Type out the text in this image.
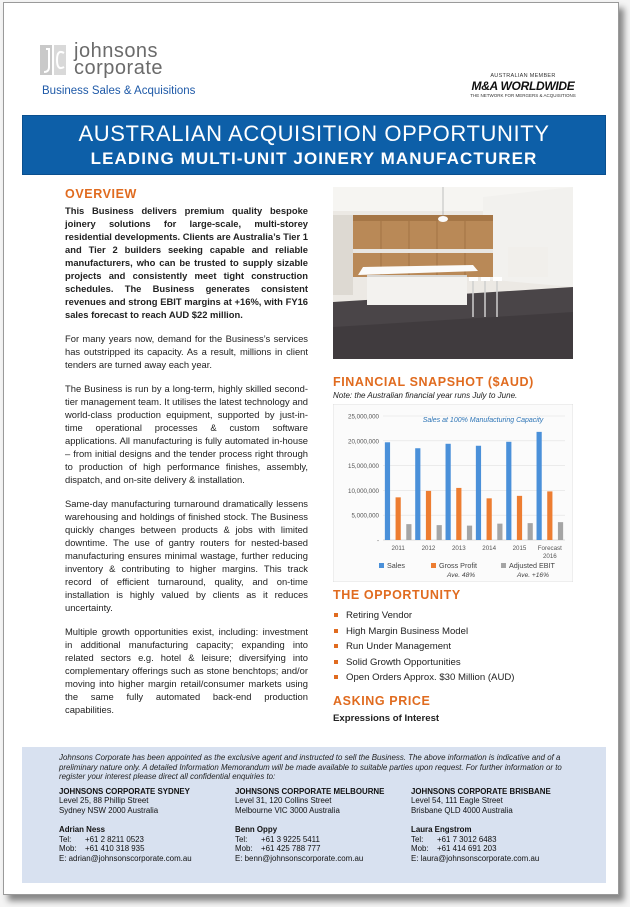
johnsons
corporate
Business Sales & Acquisitions
AUSTRALIAN MEMBER
M&A WORLDWIDE
THE NETWORK FOR MERGERS & ACQUISITIONS
AUSTRALIAN ACQUISITION OPPORTUNITY
LEADING MULTI-UNIT JOINERY MANUFACTURER
OVERVIEW
This Business delivers premium quality bespoke joinery solutions for large-scale, multi-storey residential developments. Clients are Australia’s Tier 1 and Tier 2 builders seeking capable and reliable manufacturers, who can be trusted to supply sizable projects and consistently meet tight construction schedules. The Business generates consistent revenues and strong EBIT margins at +16%, with FY16 sales forecast to reach AUD $22 million.
For many years now, demand for the Business’s services has outstripped its capacity. As a result, millions in client tenders are turned away each year.
The Business is run by a long-term, highly skilled second-tier management team. It utilises the latest technology and world-class production equipment, supported by just-in-time operational processes & custom software applications. All manufacturing is fully automated in-house – from initial designs and the tender process right through to production of high performance finishes, assembly, dispatch, and on-site delivery & installation.
Same-day manufacturing turnaround dramatically lessens warehousing and holdings of finished stock. The Business quickly changes between products & jobs with limited downtime. The use of gantry routers for nested-based manufacturing ensures minimal wastage, further reducing inventory & contributing to higher margins. This track record of efficient turnaround, quality, and on-time installation is highly valued by clients as it reduces uncertainty.
Multiple growth opportunities exist, including: investment in additional manufacturing capacity; expanding into related sectors e.g. hotel & leisure; diversifying into complementary offerings such as stone benchtops; and/or moving into higher margin retail/consumer markets using the same fully automated back-end production capabilities.
FINANCIAL SNAPSHOT ($AUD)
Note: the Australian financial year runs July to June.
Sales at 100% Manufacturing Capacity
-
5,000,000
10,000,000
15,000,000
20,000,000
25,000,000
2011	2012	2013	2014	2015 Forecast
2016
Sales	Gross Profit
Ave. 48%
Adjusted EBIT
Ave. +16%
THE OPPORTUNITY
Retiring Vendor
High Margin Business Model
Run Under Management
Solid Growth Opportunities
Open Orders Approx. $30 Million (AUD)
ASKING PRICE
Expressions of Interest
Johnsons Corporate has been appointed as the exclusive agent and instructed to sell the Business. The above information is indicative and of a preliminary nature only. A detailed Information Memorandum will be made available to suitable parties upon request. For further information or to register your interest please direct all confidential enquiries to:
JOHNSONS CORPORATE SYDNEY
Level 25, 88 Phillip Street
Sydney NSW 2000 Australia
Adrian Ness
Tel: +61 2 8211 0523
Mob: +61 410 318 935
E: adrian@johnsonscorporate.com.au
JOHNSONS CORPORATE MELBOURNE
Level 31, 120 Collins Street
Melbourne VIC 3000 Australia
Benn Oppy
Tel: +61 3 9225 5411
Mob: +61 425 788 777
E: benn@johnsonscorporate.com.au
JOHNSONS CORPORATE BRISBANE
Level 54, 111 Eagle Street
Brisbane QLD 4000 Australia
Laura Engstrom
Tel: +61 7 3012 6483
Mob: +61 414 691 203
E: laura@johnsonscorporate.com.au
